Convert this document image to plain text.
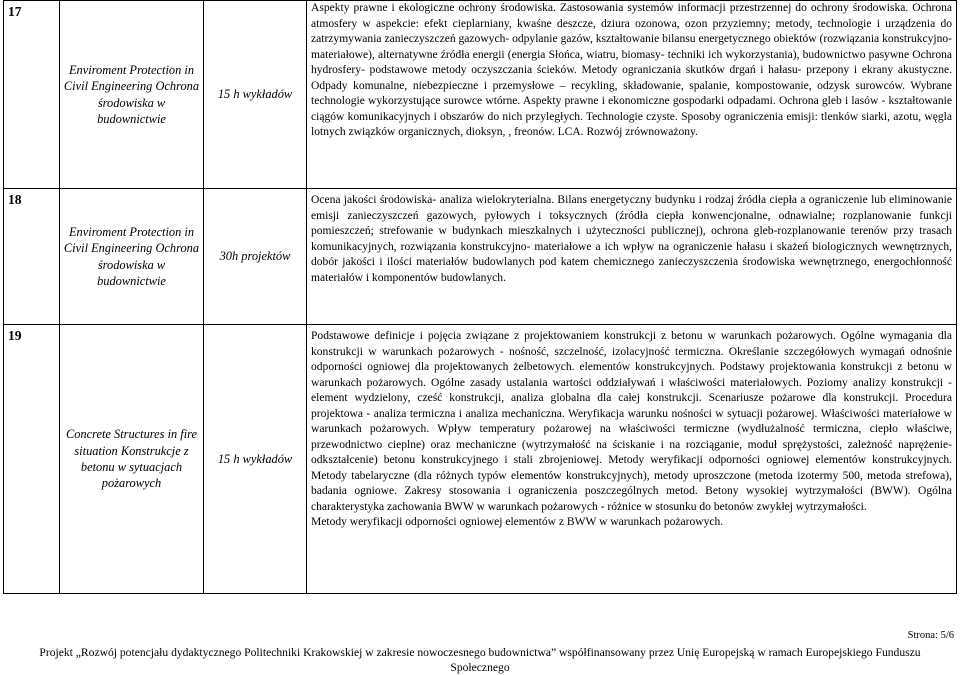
17	Enviroment Protection in Civil Engineering Ochrona środowiska w budownictwie	15 h wykładów	Aspekty prawne i ekologiczne ochrony środowiska. Zastosowania systemów informacji przestrzennej do ochrony środowiska. Ochrona atmosfery w aspekcie: efekt cieplarniany, kwaśne deszcze, dziura ozonowa, ozon przyziemny; metody, technologie i urządzenia do zatrzymywania zanieczyszczeń gazowych- odpylanie gazów, kształtowanie bilansu energetycznego obiektów (rozwiązania konstrukcyjno-materiałowe), alternatywne źródła energii (energia Słońca, wiatru, biomasy- techniki ich wykorzystania), budownictwo pasywne Ochrona hydrosfery- podstawowe metody oczyszczania ścieków. Metody ograniczania skutków drgań i hałasu- przepony i ekrany akustyczne. Odpady komunalne, niebezpieczne i przemysłowe – recykling, składowanie, spalanie, kompostowanie, odzysk surowców. Wybrane technologie wykorzystujące surowce wtórne. Aspekty prawne i ekonomiczne gospodarki odpadami. Ochrona gleb i lasów - kształtowanie ciągów komunikacyjnych i obszarów do nich przyległych. Technologie czyste. Sposoby ograniczenia emisji: tlenków siarki, azotu, węgla lotnych związków organicznych, dioksyn, , freonów. LCA. Rozwój zrównoważony.

18	Enviroment Protection in Civil Engineering Ochrona środowiska w budownictwie	30h projektów	Ocena jakości środowiska- analiza wielokryterialna. Bilans energetyczny budynku i rodzaj źródła ciepła a ograniczenie lub eliminowanie emisji zanieczyszczeń gazowych, pyłowych i toksycznych (źródła ciepła konwencjonalne, odnawialne; rozplanowanie funkcji pomieszczeń; strefowanie w budynkach mieszkalnych i użyteczności publicznej), ochrona gleb-rozplanowanie terenów przy trasach komunikacyjnych, rozwiązania konstrukcyjno- materiałowe a ich wpływ na ograniczenie hałasu i skażeń biologicznych wewnętrznych, dobór jakości i ilości materiałów budowlanych pod katem chemicznego zanieczyszczenia środowiska wewnętrznego, energochłonność materiałów i komponentów budowlanych.

19	Concrete Structures in fire situation Konstrukcje z betonu w sytuacjach pożarowych	15 h wykładów	Podstawowe definicje i pojęcia związane z projektowaniem konstrukcji z betonu w warunkach pożarowych. Ogólne wymagania dla konstrukcji w warunkach pożarowych - nośność, szczelność, izolacyjność termiczna. Określanie szczegółowych wymagań odnośnie odporności ogniowej dla projektowanych żelbetowych. elementów konstrukcyjnych. Podstawy projektowania konstrukcji z betonu w warunkach pożarowych. Ogólne zasady ustalania wartości oddziaływań i właściwości materiałowych. Poziomy analizy konstrukcji - element wydzielony, cześć konstrukcji, analiza globalna dla całej konstrukcji. Scenariusze pożarowe dla konstrukcji. Procedura projektowa - analiza termiczna i analiza mechaniczna. Weryfikacja warunku nośności w sytuacji pożarowej. Właściwości materiałowe w warunkach pożarowych. Wpływ temperatury pożarowej na właściwości termiczne (wydłużalność termiczna, ciepło właściwe, przewodnictwo cieplne) oraz mechaniczne (wytrzymałość na ściskanie i na rozciąganie, moduł sprężystości, zależność naprężenie-odkształcenie) betonu konstrukcyjnego i stali zbrojeniowej. Metody weryfikacji odporności ogniowej elementów konstrukcyjnych. Metody tabelaryczne (dla różnych typów elementów konstrukcyjnych), metody uproszczone (metoda izotermy 500, metoda strefowa), badania ogniowe. Zakresy stosowania i ograniczenia poszczególnych metod. Betony wysokiej wytrzymałości (BWW). Ogólna charakterystyka zachowania BWW w warunkach pożarowych - różnice w stosunku do betonów zwykłej wytrzymałości.
Metody weryfikacji odporności ogniowej elementów z BWW w warunkach pożarowych.
Strona: 5/6
Projekt „Rozwój potencjału dydaktycznego Politechniki Krakowskiej w zakresie nowoczesnego budownictwa” współfinansowany przez Unię Europejską w ramach Europejskiego Funduszu Społecznego
